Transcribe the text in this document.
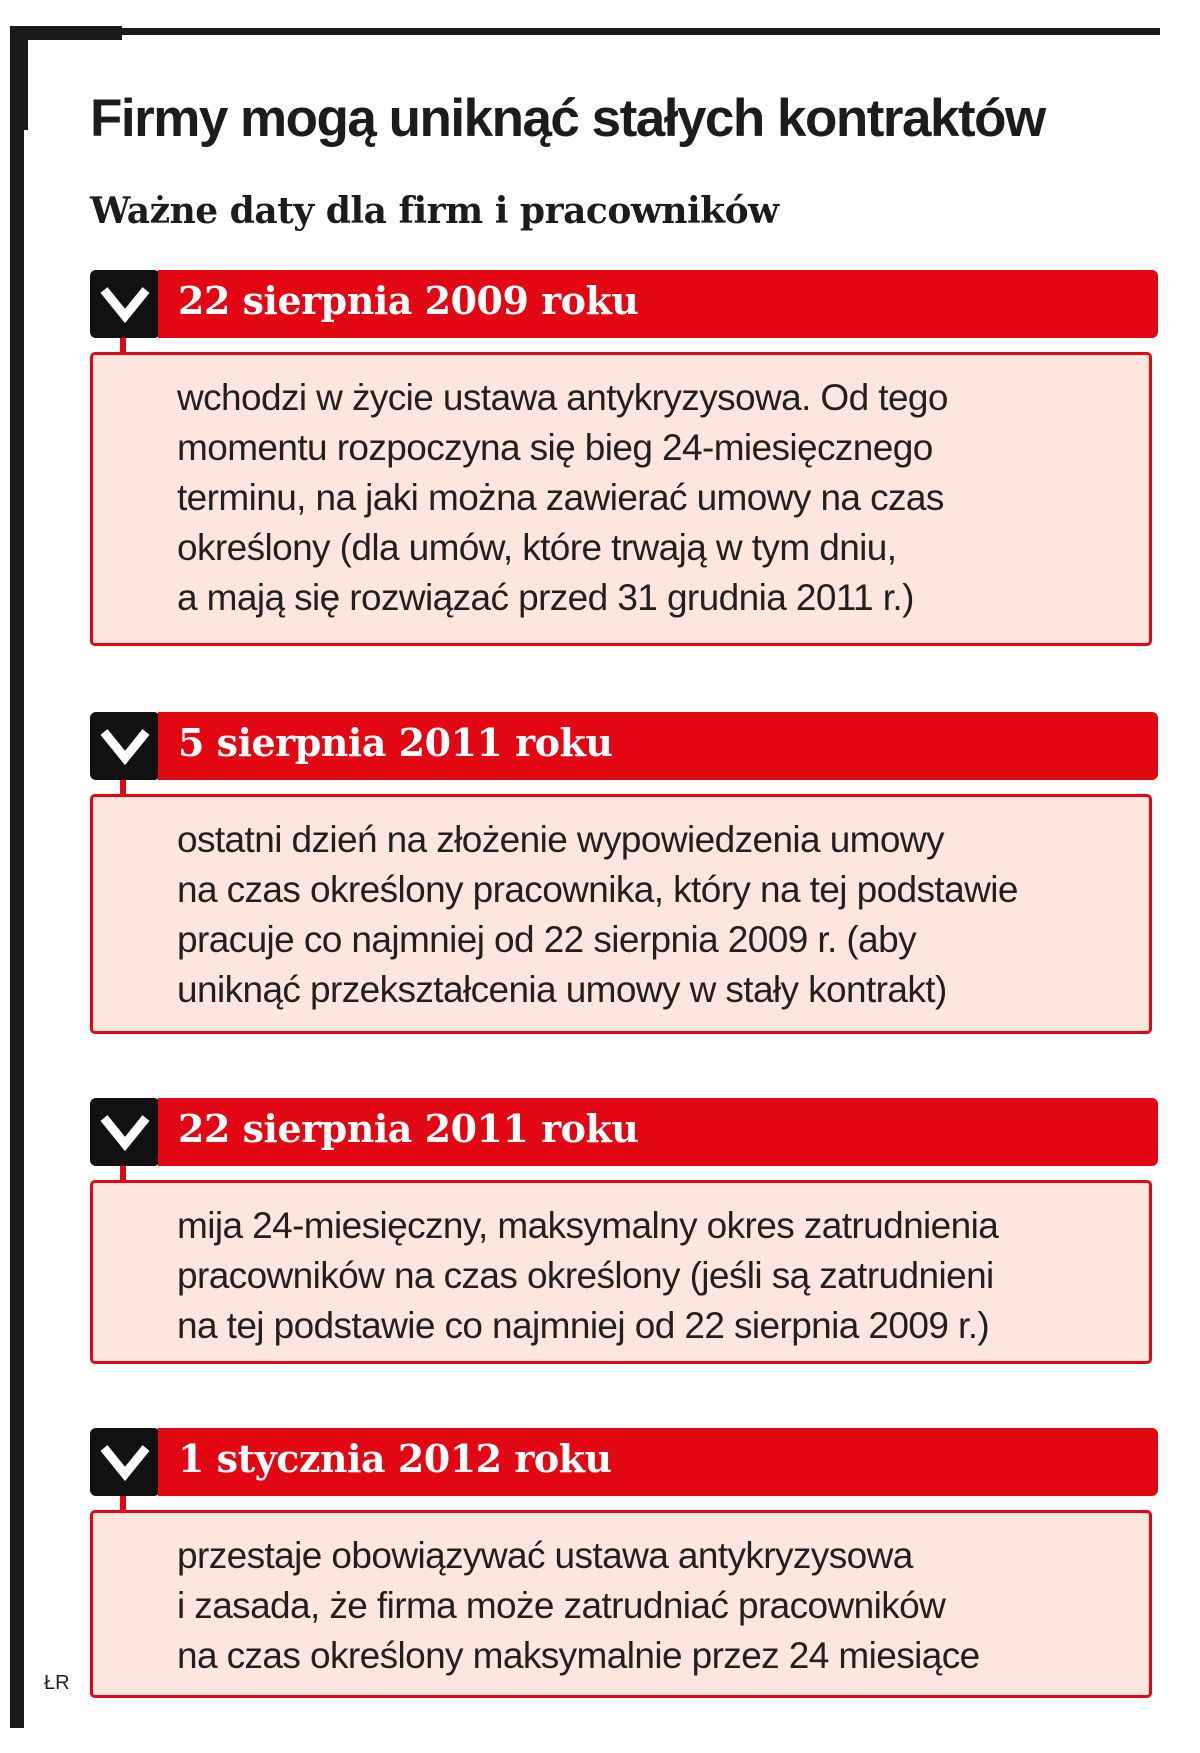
Firmy mogą uniknąć stałych kontraktów
Ważne daty dla firm i pracowników
22 sierpnia 2009 roku

wchodzi w życie ustawa antykryzysowa. Od tego

momentu rozpoczyna się bieg 24-miesięcznego

terminu, na jaki można zawierać umowy na czas

określony (dla umów, które trwają w tym dniu,

a mają się rozwiązać przed 31 grudnia 2011 r.)

5 sierpnia 2011 roku

ostatni dzień na złożenie wypowiedzenia umowy

na czas określony pracownika, który na tej podstawie

pracuje co najmniej od 22 sierpnia 2009 r. (aby

uniknąć przekształcenia umowy w stały kontrakt)

22 sierpnia 2011 roku

mija 24-miesięczny, maksymalny okres zatrudnienia

pracowników na czas określony (jeśli są zatrudnieni

na tej podstawie co najmniej od 22 sierpnia 2009 r.)

1 stycznia 2012 roku

przestaje obowiązywać ustawa antykryzysowa

i zasada, że firma może zatrudniać pracowników

na czas określony maksymalnie przez 24 miesiące

ŁR
